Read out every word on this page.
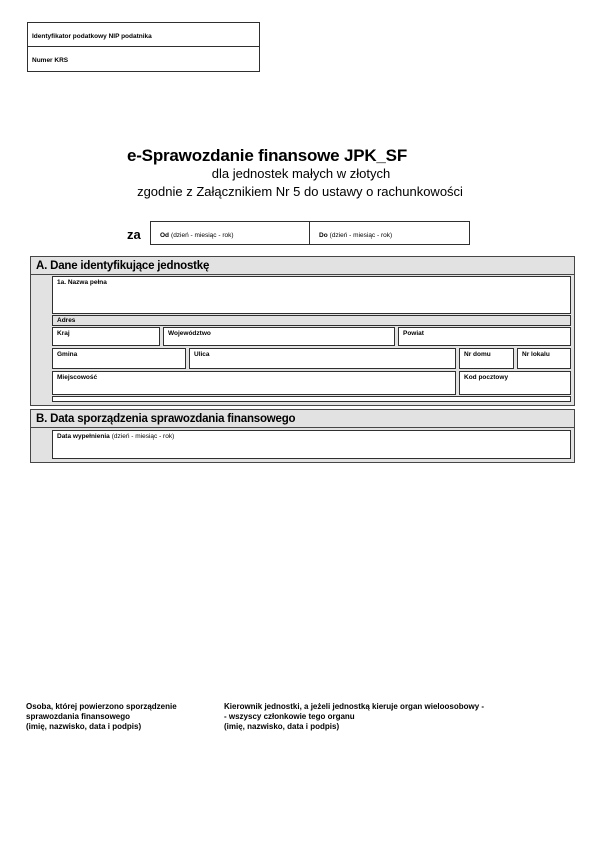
Identyfikator podatkowy NIP podatnika
Numer KRS
e-Sprawozdanie finansowe JPK_SF
dla jednostek małych w złotych
zgodnie z Załącznikiem Nr 5 do ustawy o rachunkowości
za	Od (dzień - miesiąc - rok)	Do (dzień - miesiąc - rok)
A. Dane identyfikujące jednostkę
1a. Nazwa pełna
Adres
Kraj	Województwo	Powiat
Gmina	Ulica	Nr domu	Nr lokalu
Miejscowość	Kod pocztowy
B. Data sporządzenia sprawozdania finansowego
Data wypełnienia (dzień - miesiąc - rok)
Osoba, której powierzono sporządzenie
sprawozdania finansowego
(imię, nazwisko, data i podpis)
Kierownik jednostki, a jeżeli jednostką kieruje organ wieloosobowy -
- wszyscy członkowie tego organu
(imię, nazwisko, data i podpis)
